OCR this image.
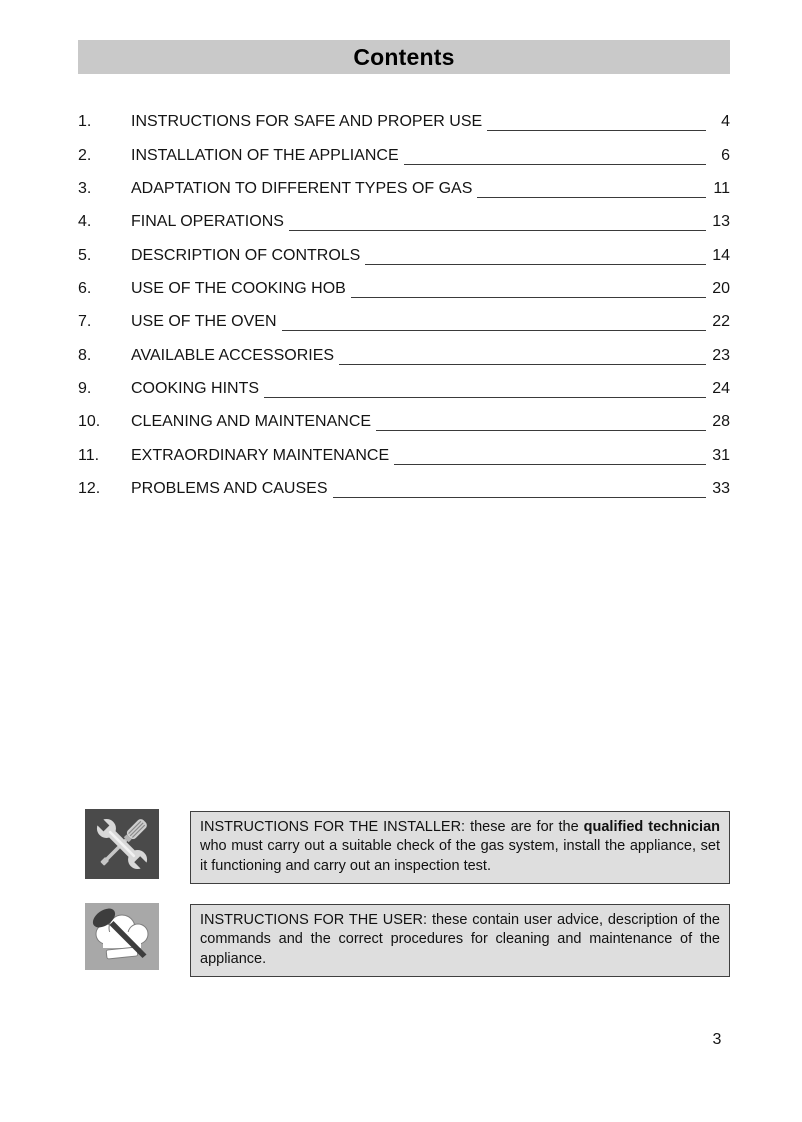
Contents
1.	INSTRUCTIONS FOR SAFE AND PROPER USE	4
2.	INSTALLATION OF THE APPLIANCE	6
3.	ADAPTATION TO DIFFERENT TYPES OF GAS	11
4.	FINAL OPERATIONS	13
5.	DESCRIPTION OF CONTROLS	14
6.	USE OF THE COOKING HOB	20
7.	USE OF THE OVEN	22
8.	AVAILABLE ACCESSORIES	23
9.	COOKING HINTS	24
10.	CLEANING AND MAINTENANCE	28
11.	EXTRAORDINARY MAINTENANCE	31
12.	PROBLEMS AND CAUSES	33
INSTRUCTIONS FOR THE INSTALLER: these are for the qualified technician who must carry out a suitable check of the gas system, install the appliance, set it functioning and carry out an inspection test.
INSTRUCTIONS FOR THE USER: these contain user advice, description of the commands and the correct procedures for cleaning and maintenance of the appliance.
3
